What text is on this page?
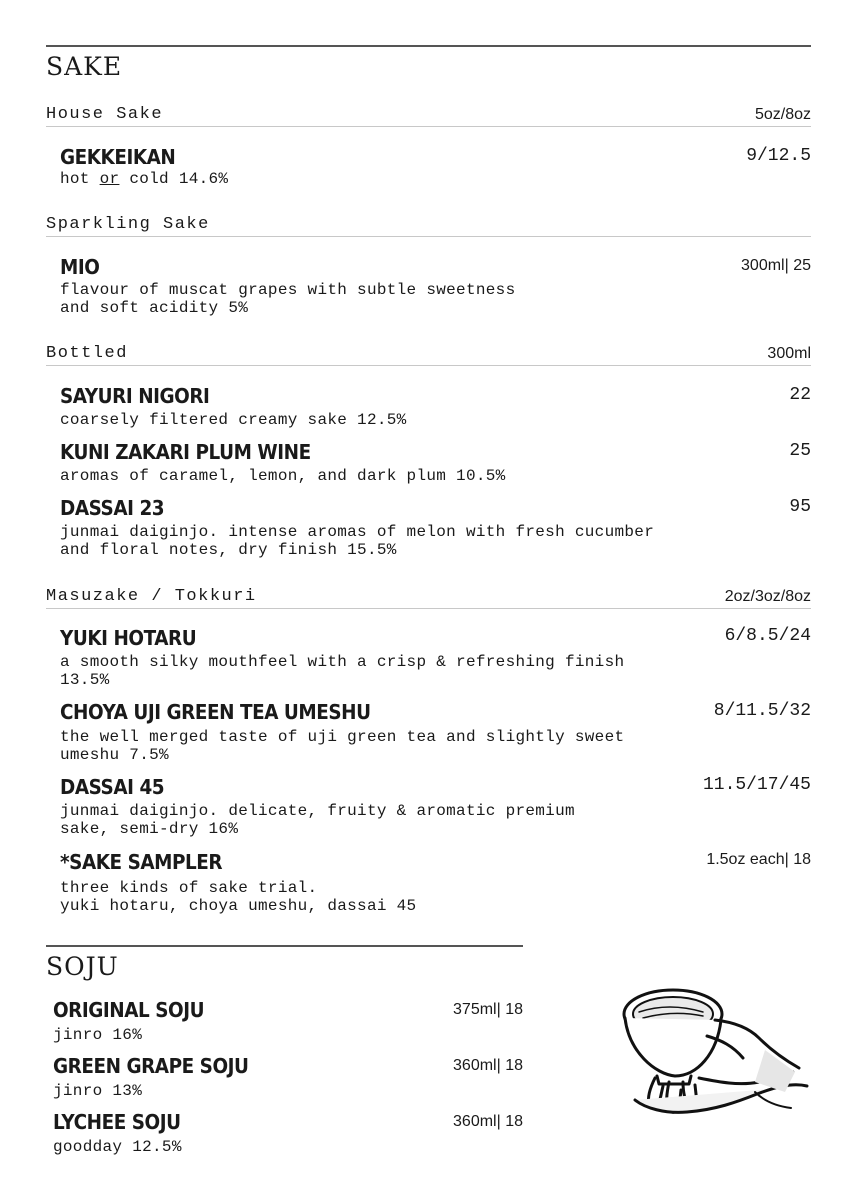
SAKE
House Sake	5oz/8oz
GEKKEIKAN	9/12.5
hot or cold 14.6%
Sparkling Sake
MIO	300ml| 25
flavour of muscat grapes with subtle sweetness
and soft acidity 5%
Bottled	300ml
SAYURI NIGORI	22
coarsely filtered creamy sake 12.5%
KUNI ZAKARI PLUM WINE	25
aromas of caramel, lemon, and dark plum 10.5%
DASSAI 23	95
junmai daiginjo. intense aromas of melon with fresh cucumber
and floral notes, dry finish 15.5%
Masuzake / Tokkuri	2oz/3oz/8oz
YUKI HOTARU	6/8.5/24
a smooth silky mouthfeel with a crisp & refreshing finish
13.5%
CHOYA UJI GREEN TEA UMESHU	8/11.5/32
the well merged taste of uji green tea and slightly sweet
umeshu 7.5%
DASSAI 45	11.5/17/45
junmai daiginjo. delicate, fruity & aromatic premium
sake, semi-dry 16%
*SAKE SAMPLER	1.5oz each| 18
three kinds of sake trial.
yuki hotaru, choya umeshu, dassai 45
SOJU
ORIGINAL SOJU	375ml| 18
jinro 16%
GREEN GRAPE SOJU	360ml| 18
jinro 13%
LYCHEE SOJU	360ml| 18
goodday 12.5%
